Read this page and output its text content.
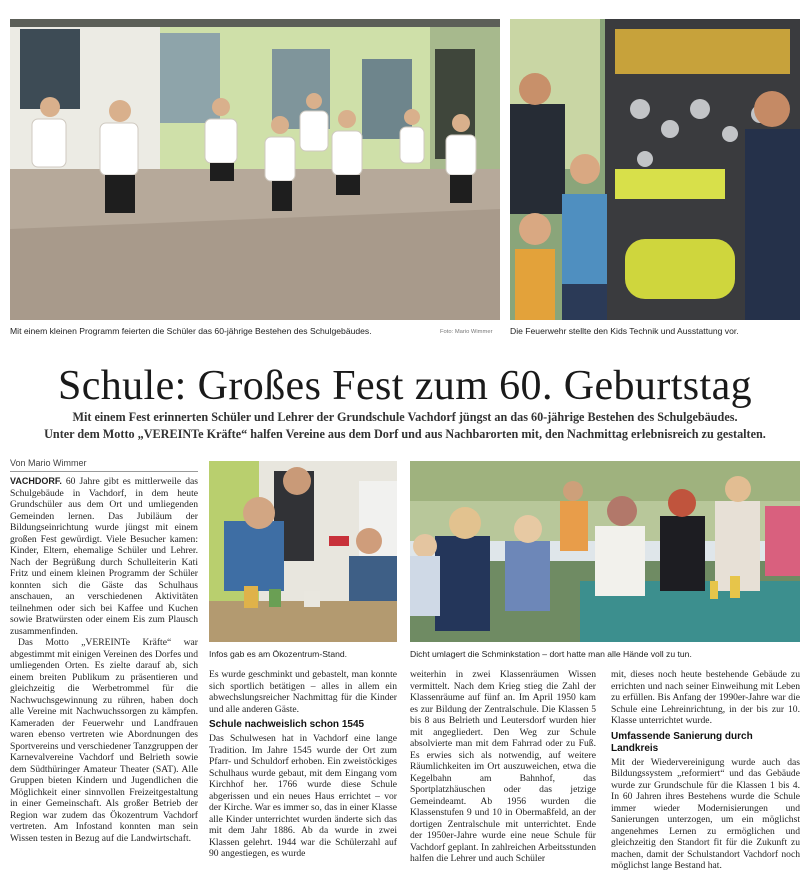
Mit einem kleinen Programm feierten die Schüler das 60-jährige Bestehen des Schulgebäudes.	Foto: Mario Wimmer Die Feuerwehr stellte den Kids Technik und Ausstattung vor.
Schule: Großes Fest zum 60. Geburtstag
Mit einem Fest erinnerten Schüler und Lehrer der Grundschule Vachdorf jüngst an das 60-jährige Bestehen des Schulgebäudes.
Unter dem Motto „VEREINTe Kräfte“ halfen Vereine aus dem Dorf und aus Nachbarorten mit, den Nachmittag erlebnisreich zu gestalten.
Von Mario Wimmer

VACHDORF. 60 Jahre gibt es mittlerweile das Schulgebäude in Vachdorf, in dem heute Grundschüler aus dem Ort und umliegenden Gemeinden lernen. Das Jubiläum der Bildungseinrichtung wurde jüngst mit einem großen Fest gewürdigt. Viele Besucher kamen: Kinder, Eltern, ehemalige Schüler und Lehrer. Nach der Begrüßung durch Schulleiterin Kati Fritz und einem kleinen Programm der Schüler konnten sich die Gäste das Schulhaus anschauen, an verschiedenen Aktivitäten teilnehmen oder sich bei Kaffee und Kuchen sowie Bratwürsten oder einem Eis zum Plausch zusammenfinden.

Das Motto „VEREINTe Kräfte“ war abgestimmt mit einigen Vereinen des Dorfes und umliegenden Orten. Es zielte darauf ab, sich einem breiten Publikum zu präsentieren und gleichzeitig die Werbetrommel für die Nachwuchsgewinnung zu rühren, haben doch alle Vereine mit Nachwuchssorgen zu kämpfen. Kameraden der Feuerwehr und Landfrauen waren ebenso vertreten wie Abordnungen des Sportvereins und verschiedener Tanzgruppen der Karnevalvereine Vachdorf und Belrieth sowie dem Südthüringer Amateur Theater (SAT). Alle Gruppen bieten Kindern und Jugendlichen die Möglichkeit einer sinnvollen Freizeitgestaltung in einer Gemeinschaft. Als großer Betrieb der Region war zudem das Ökozentrum Vachdorf vertreten. Am Infostand konnten man sein Wissen testen in Bezug auf die Landwirtschaft.

Infos gab es am Ökozentrum-Stand.	Dicht umlagert die Schminkstation – dort hatte man alle Hände voll zu tun.

Es wurde geschminkt und gebastelt, man konnte sich sportlich betätigen – alles in allem ein abwechslungsreicher Nachmittag für die Kinder und alle anderen Gäste.

Schule nachweislich schon 1545

Das Schulwesen hat in Vachdorf eine lange Tradition. Im Jahre 1545 wurde der Ort zum Pfarr- und Schuldorf erhoben. Ein zweistöckiges Schulhaus wurde gebaut, mit dem Eingang vom Kirchhof her. 1766 wurde diese Schule abgerissen und ein neues Haus errichtet – vor der Kirche. War es immer so, das in einer Klasse alle Kinder unterrichtet wurden änderte sich das mit dem Jahr 1886. Ab da wurde in zwei Klassen gelehrt. 1944 war die Schülerzahl auf 90 angestiegen, es wurde

weiterhin in zwei Klassenräumen Wissen vermittelt. Nach dem Krieg stieg die Zahl der Klassenräume auf fünf an. Im April 1950 kam es zur Bildung der Zentralschule. Die Klassen 5 bis 8 aus Belrieth und Leutersdorf wurden hier mit angegliedert. Den Weg zur Schule absolvierte man mit dem Fahrrad oder zu Fuß. Es erwies sich als notwendig, auf weitere Räumlichkeiten im Ort auszuweichen, etwa die Kegelbahn am Bahnhof, das Sportplatzhäuschen oder das jetzige Gemeindeamt. Ab 1956 wurden die Klassenstufen 9 und 10 in Obermaßfeld, an der dortigen Zentralschule mit unterrichtet. Ende der 1950er-Jahre wurde eine neue Schule für Vachdorf geplant. In zahlreichen Arbeitsstunden halfen die Lehrer und auch Schüler

mit, dieses noch heute bestehende Gebäude zu errichten und nach seiner Einweihung mit Leben zu erfüllen. Bis Anfang der 1990er-Jahre war die Schule eine Lehreinrichtung, in der bis zur 10. Klasse unterrichtet wurde.

Umfassende Sanierung durch Landkreis

Mit der Wiedervereinigung wurde auch das Bildungssystem „reformiert“ und das Gebäude wurde zur Grundschule für die Klassen 1 bis 4. In 60 Jahren ihres Bestehens wurde die Schule immer wieder Modernisierungen und Sanierungen unterzogen, um ein möglichst angenehmes Lernen zu ermöglichen und gleichzeitig den Standort fit für die Zukunft zu machen, damit der Schulstandort Vachdorf noch möglichst lange Bestand hat.
